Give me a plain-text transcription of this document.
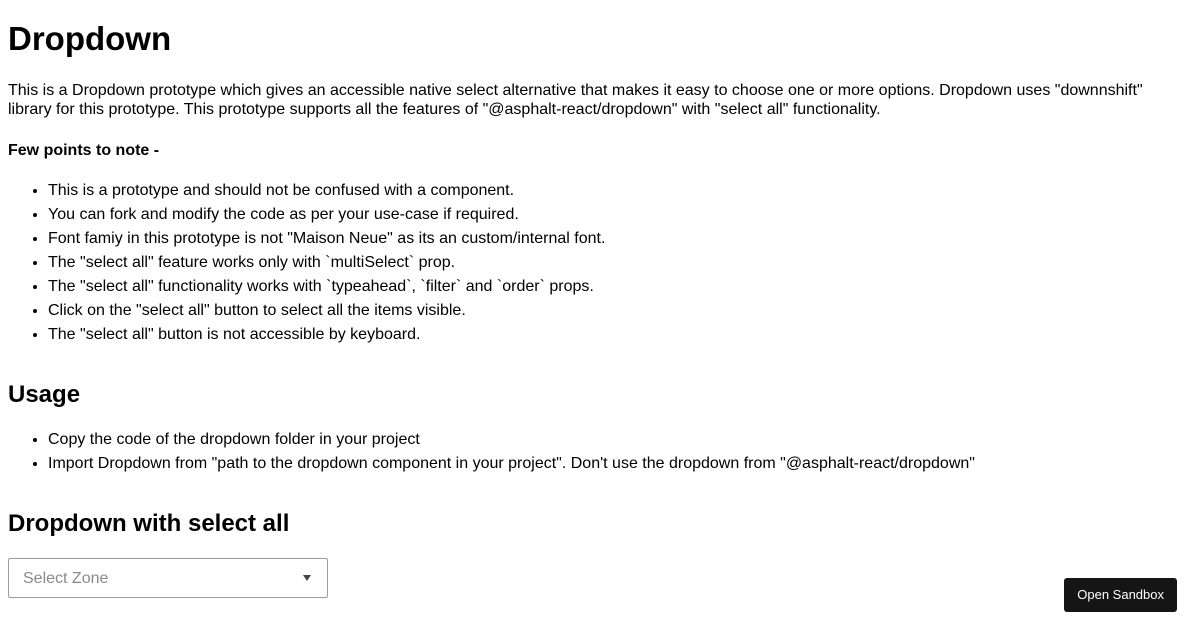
Dropdown

This is a Dropdown prototype which gives an accessible native select alternative that makes it easy to choose one or more options. Dropdown uses "downnshift" library for this prototype. This prototype supports all the features of "@asphalt-react/dropdown" with "select all" functionality.

Few points to note -

• This is a prototype and should not be confused with a component.
• You can fork and modify the code as per your use-case if required.
• Font famiy in this prototype is not "Maison Neue" as its an custom/internal font.
• The "select all" feature works only with `multiSelect` prop.
• The "select all" functionality works with `typeahead`, `filter` and `order` props.
• Click on the "select all" button to select all the items visible.
• The "select all" button is not accessible by keyboard.
Usage
• Copy the code of the dropdown folder in your project
• Import Dropdown from "path to the dropdown component in your project". Don't use the dropdown from "@asphalt-react/dropdown"
Dropdown with select all
Select Zone
Open Sandbox
